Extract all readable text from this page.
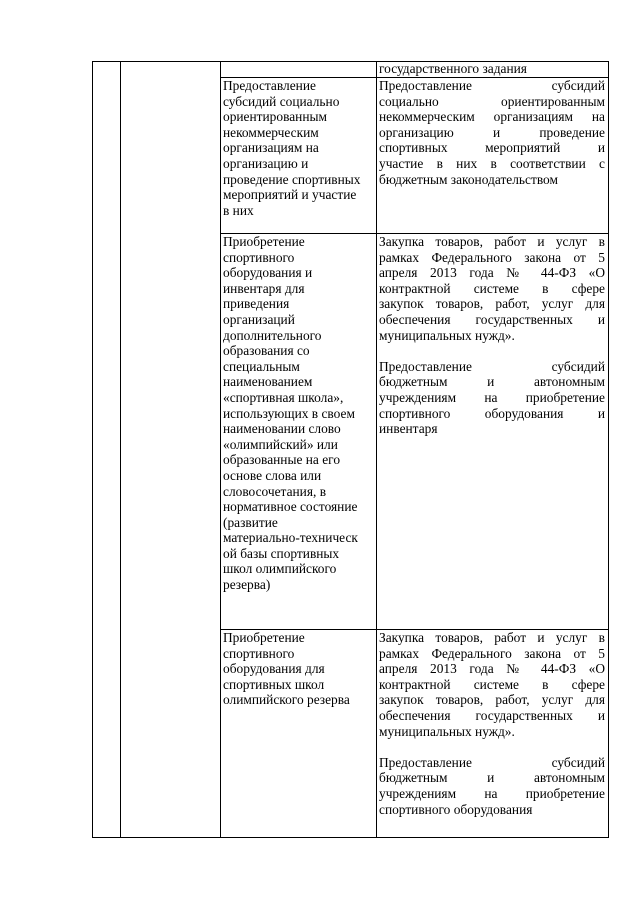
государственного задания
Предоставление
субсидий социально
ориентированным
некоммерческим
организациям на
организацию и
проведение спортивных
мероприятий и участие
в них
Предоставление субсидий
социально ориентированным
некоммерческим организациям на
организацию и проведение
спортивных мероприятий и
участие в них в соответствии с
бюджетным законодательством
Приобретение
спортивного
оборудования и
инвентаря для
приведения
организаций
дополнительного
образования со
специальным
наименованием
«спортивная школа»,
использующих в своем
наименовании слово
«олимпийский» или
образованные на его
основе слова или
словосочетания, в
нормативное состояние
(развитие
материально-техническ
ой базы спортивных
школ олимпийского
резерва)
Закупка товаров, работ и услуг в
рамках Федерального закона от 5
апреля 2013 года № 44-ФЗ «О
контрактной системе в сфере
закупок товаров, работ, услуг для
обеспечения государственных и
муниципальных нужд».
Предоставление субсидий
бюджетным и автономным
учреждениям на приобретение
спортивного оборудования и
инвентаря
Приобретение
спортивного
оборудования для
спортивных школ
олимпийского резерва
Закупка товаров, работ и услуг в
рамках Федерального закона от 5
апреля 2013 года № 44-ФЗ «О
контрактной системе в сфере
закупок товаров, работ, услуг для
обеспечения государственных и
муниципальных нужд».
Предоставление субсидий
бюджетным и автономным
учреждениям на приобретение
спортивного оборудования
